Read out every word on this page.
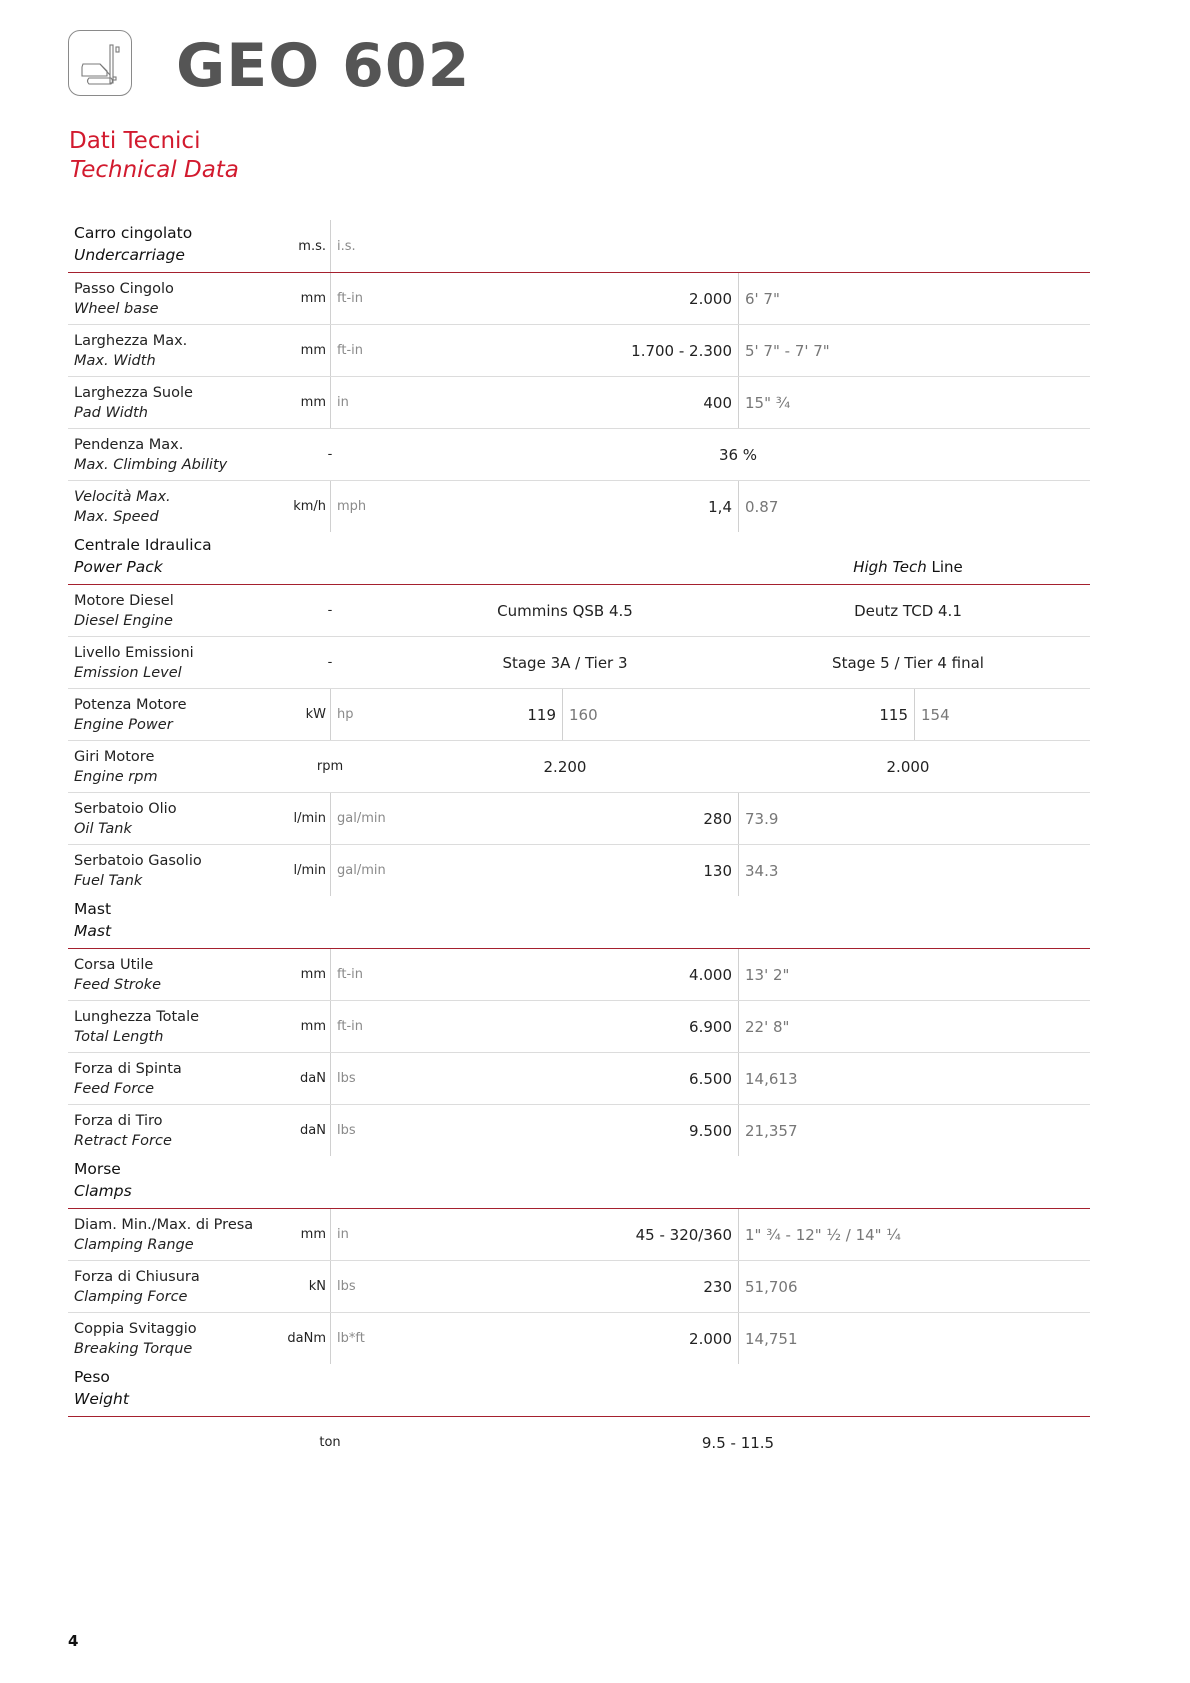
GEO 602
Dati Tecnici
Technical Data
Carro cingolato
Undercarriage	m.s. i.s.
Passo Cingolo
Wheel base
mm ft-in	2.000 6' 7"
Larghezza Max.
Max. Width
mm ft-in	1.700 - 2.300 5' 7" - 7' 7"
Larghezza Suole
Pad Width
mm in	400 15" ¾
Pendenza Max.
Max. Climbing Ability
-	36 %
Velocità Max.
Max. Speed
km/h mph	1,4 0.87
Centrale Idraulica
Power Pack	High Tech Line
Motore Diesel
Diesel Engine
-	Cummins QSB 4.5	Deutz TCD 4.1
Livello Emissioni
Emission Level
-	Stage 3A / Tier 3	Stage 5 / Tier 4 final
Potenza Motore
Engine Power
kW hp	119 160	115 154
Giri Motore
Engine rpm
rpm	2.200	2.000
Serbatoio Olio
Oil Tank
l/min gal/min	280 73.9
Serbatoio Gasolio
Fuel Tank
l/min gal/min	130 34.3
Mast
Mast
Corsa Utile
Feed Stroke
mm ft-in	4.000 13' 2"
Lunghezza Totale
Total Length
mm ft-in	6.900 22' 8"
Forza di Spinta
Feed Force
daN lbs	6.500 14,613
Forza di Tiro
Retract Force
daN lbs	9.500 21,357
Morse
Clamps
Diam. Min./Max. di Presa
Clamping Range
mm in	45 - 320/360 1" ¾ - 12" ½ / 14" ¼
Forza di Chiusura
Clamping Force
kN lbs	230 51,706
Coppia Svitaggio
Breaking Torque
daNm lb*ft	2.000 14,751
Peso
Weight
ton	9.5 - 11.5
4
